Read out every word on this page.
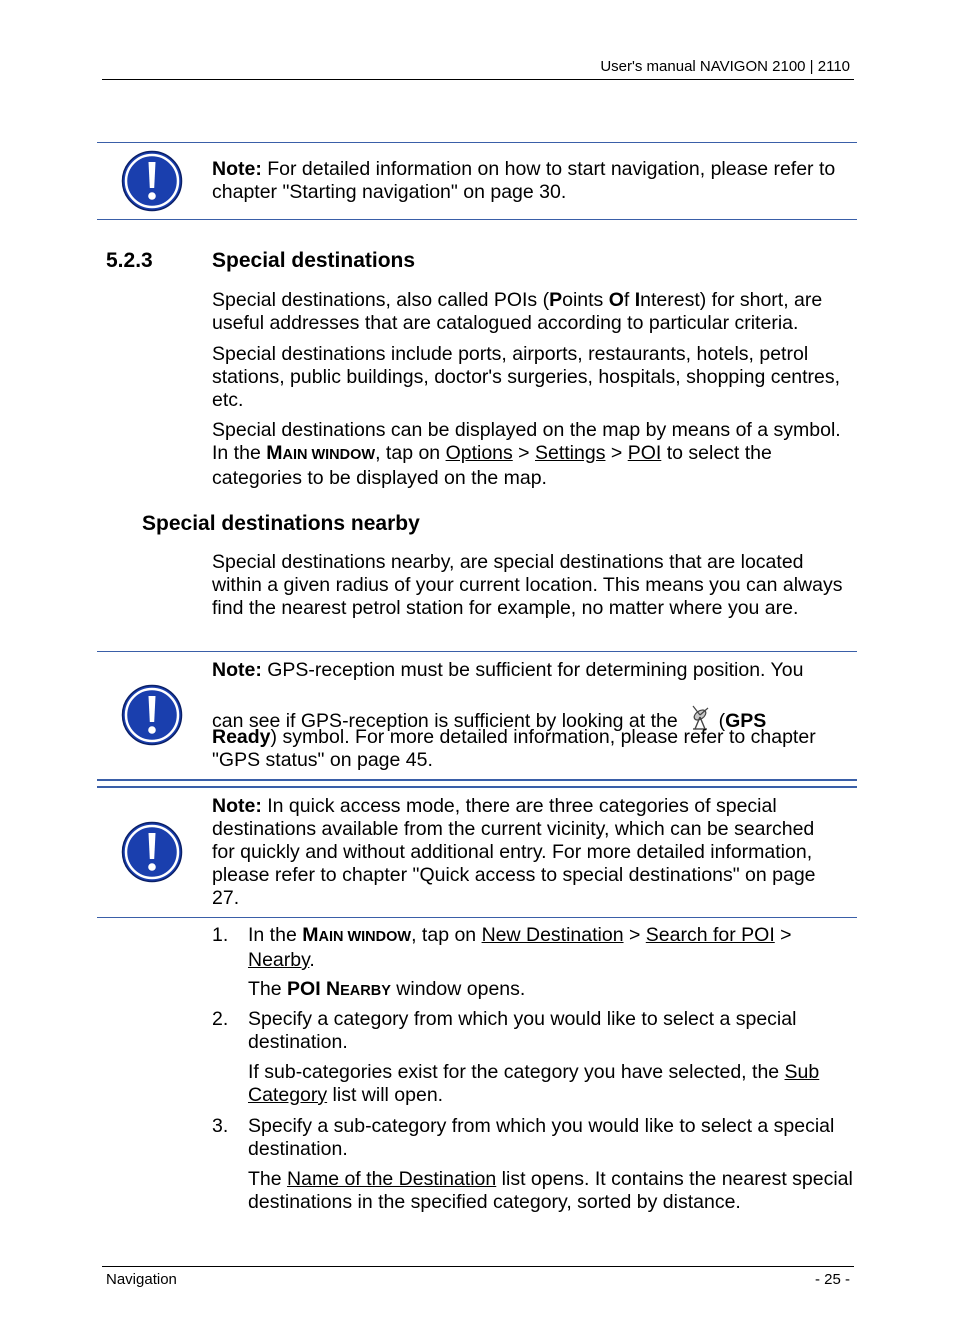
User's manual NAVIGON 2100 | 2110
Note: For detailed information on how to start navigation, please refer to chapter "Starting navigation" on page 30.
5.2.3	Special destinations

Special destinations, also called POIs (Points Of Interest) for short, are useful addresses that are catalogued according to particular criteria.

Special destinations include ports, airports, restaurants, hotels, petrol stations, public buildings, doctor's surgeries, hospitals, shopping centres, etc.

Special destinations can be displayed on the map by means of a symbol. In the MAIN WINDOW, tap on Options > Settings > POI to select the categories to be displayed on the map.

Special destinations nearby

Special destinations nearby, are special destinations that are located within a given radius of your current location. This means you can always find the nearest petrol station for example, no matter where you are.

Note: GPS-reception must be sufficient for determining position. You
can see if GPS-reception is sufficient by looking at the  (GPS
Ready) symbol. For more detailed information, please refer to chapter "GPS status" on page 45.
Note: In quick access mode, there are three categories of special destinations available from the current vicinity, which can be searched for quickly and without additional entry. For more detailed information, please refer to chapter "Quick access to special destinations" on page 27.
1. In the MAIN WINDOW, tap on New Destination > Search for POI > Nearby.

The POI NEARBY window opens.

2. Specify a category from which you would like to select a special destination.

If sub-categories exist for the category you have selected, the Sub Category list will open.

3. Specify a sub-category from which you would like to select a special destination.

The Name of the Destination list opens. It contains the nearest special destinations in the specified category, sorted by distance.

Navigation	- 25 -
